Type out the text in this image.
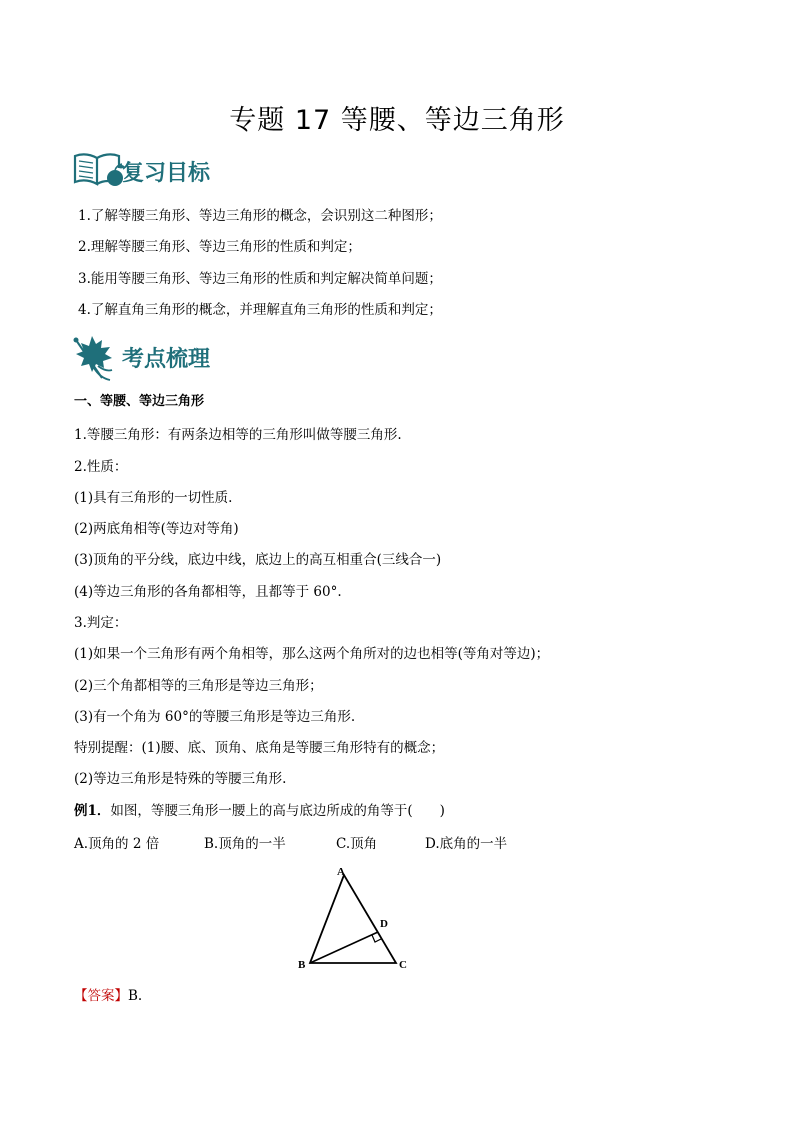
专题 17 等腰、等边三角形
复习目标
1.了解等腰三角形、等边三角形的概念，会识别这二种图形；
2.理解等腰三角形、等边三角形的性质和判定；
3.能用等腰三角形、等边三角形的性质和判定解决简单问题；
4.了解直角三角形的概念，并理解直角三角形的性质和判定；
考点梳理
一、等腰、等边三角形
1.等腰三角形：有两条边相等的三角形叫做等腰三角形.
2.性质：
(1)具有三角形的一切性质.
(2)两底角相等(等边对等角)
(3)顶角的平分线，底边中线，底边上的高互相重合(三线合一)
(4)等边三角形的各角都相等，且都等于 60°.
3.判定：
(1)如果一个三角形有两个角相等，那么这两个角所对的边也相等(等角对等边)；
(2)三个角都相等的三角形是等边三角形；
(3)有一个角为 60°的等腰三角形是等边三角形.
特别提醒：(1)腰、底、顶角、底角是等腰三角形特有的概念；
(2)等边三角形是特殊的等腰三角形.
例1．如图，等腰三角形一腰上的高与底边所成的角等于(　　)
A.顶角的 2 倍	B.顶角的一半	C.顶角	D.底角的一半
A
B	C
D
【答案】B.
